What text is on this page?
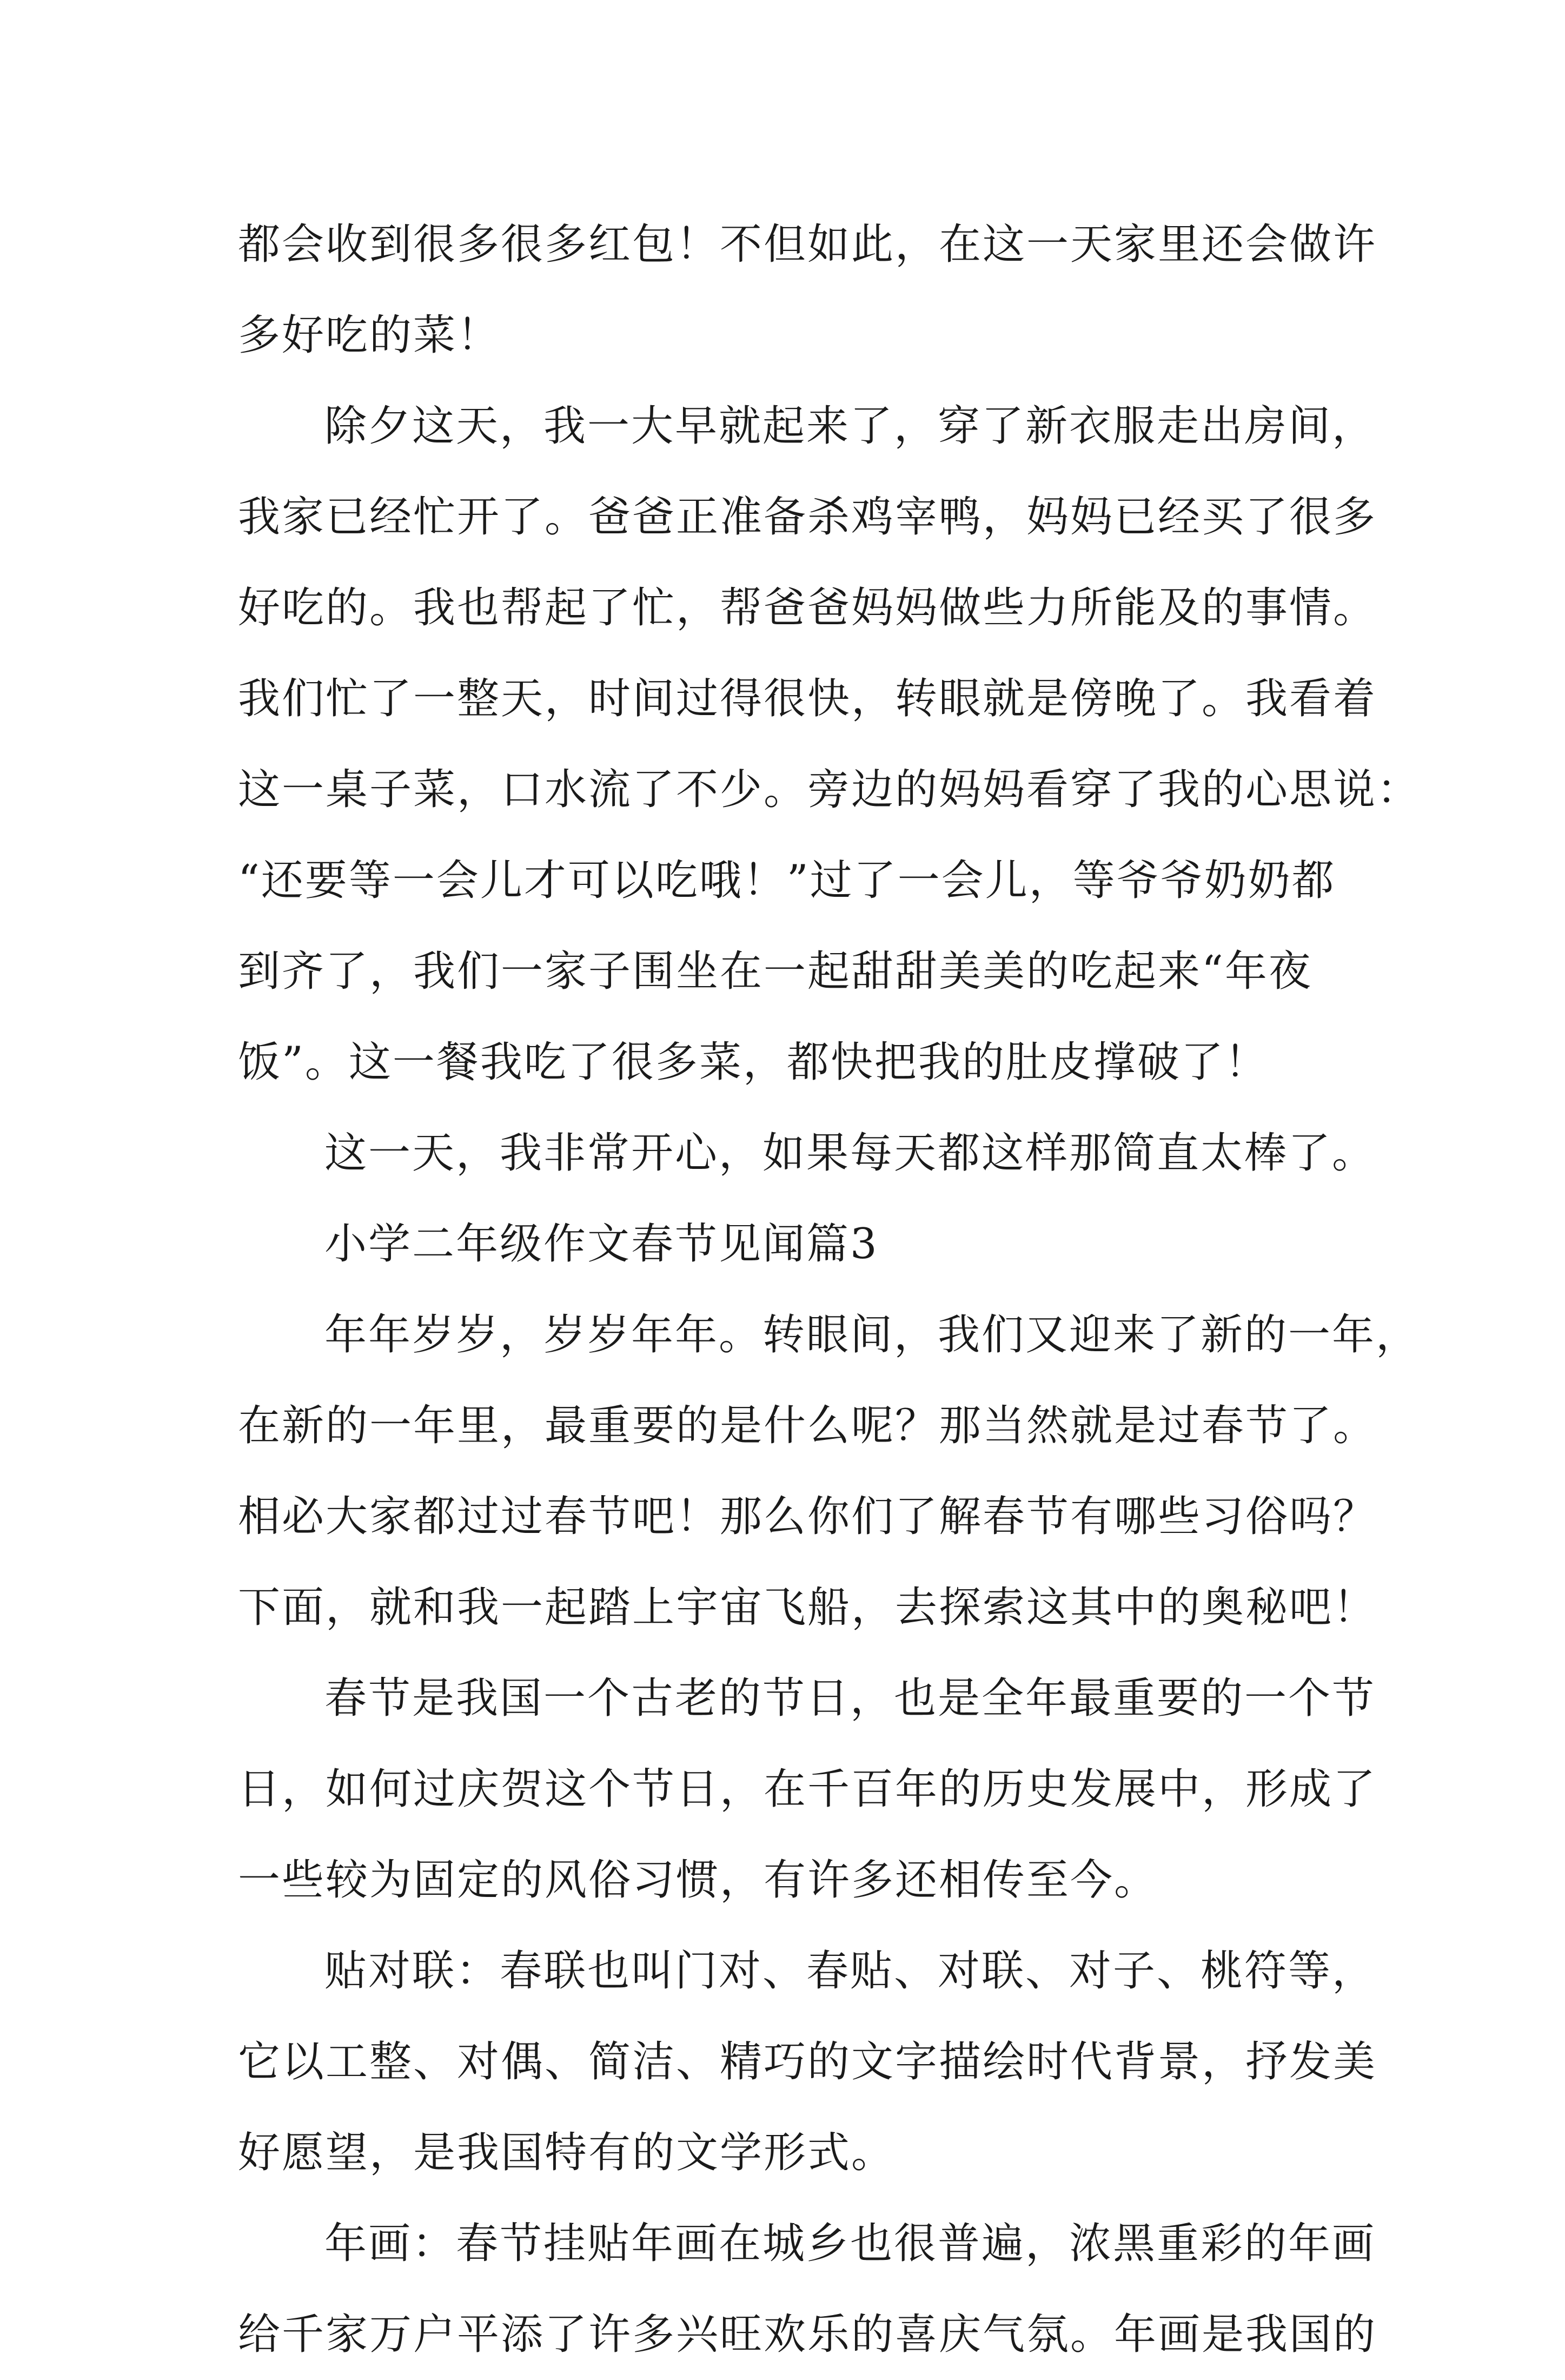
都会收到很多很多红包！不但如此，在这一天家里还会做许
多好吃的菜！
除夕这天，我一大早就起来了，穿了新衣服走出房间，
我家已经忙开了。爸爸正准备杀鸡宰鸭，妈妈已经买了很多
好吃的。我也帮起了忙，帮爸爸妈妈做些力所能及的事情。
我们忙了一整天，时间过得很快，转眼就是傍晚了。我看着
这一桌子菜，口水流了不少。旁边的妈妈看穿了我的心思说：
“还要等一会儿才可以吃哦！”过了一会儿，等爷爷奶奶都
到齐了，我们一家子围坐在一起甜甜美美的吃起来“年夜
饭”。这一餐我吃了很多菜，都快把我的肚皮撑破了！
这一天，我非常开心，如果每天都这样那简直太棒了。
小学二年级作文春节见闻篇3
年年岁岁，岁岁年年。转眼间，我们又迎来了新的一年，
在新的一年里，最重要的是什么呢？那当然就是过春节了。
相必大家都过过春节吧！那么你们了解春节有哪些习俗吗？
下面，就和我一起踏上宇宙飞船，去探索这其中的奥秘吧！
春节是我国一个古老的节日，也是全年最重要的一个节
日，如何过庆贺这个节日，在千百年的历史发展中，形成了
一些较为固定的风俗习惯，有许多还相传至今。
贴对联：春联也叫门对、春贴、对联、对子、桃符等，
它以工整、对偶、简洁、精巧的文字描绘时代背景，抒发美
好愿望，是我国特有的文学形式。
年画：春节挂贴年画在城乡也很普遍，浓黑重彩的年画
给千家万户平添了许多兴旺欢乐的喜庆气氛。年画是我国的
